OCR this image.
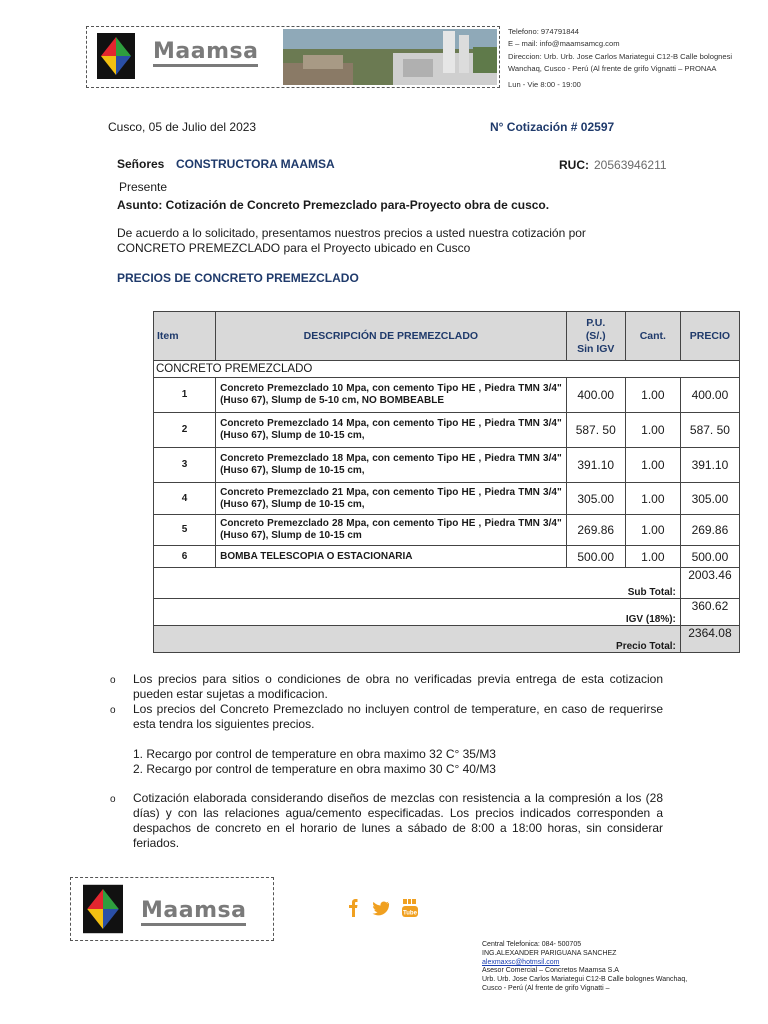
Maamsa
Telefono: 974791844
E – mail: info@maamsamcg.com
Direccion: Urb. Urb. Jose Carlos Mariategui C12-B Calle bolognesi
Wanchaq, Cusco - Perú (Al frente de grifo Vignatti – PRONAA
Lun - Vie 8:00 - 19:00
Cusco, 05 de Julio del 2023	N° Cotización # 02597
Señores CONSTRUCTORA MAAMSA	RUC: 20563946211
Presente
Asunto: Cotización de Concreto Premezclado para-Proyecto obra de cusco.
De acuerdo a lo solicitado, presentamos nuestros precios a usted nuestra cotización por
CONCRETO PREMEZCLADO para el Proyecto ubicado en Cusco
PRECIOS DE CONCRETO PREMEZCLADO
Item	DESCRIPCIÓN DE PREMEZCLADO	P.U.
(S/.)
Sin IGV	Cant.	PRECIO
CONCRETO PREMEZCLADO				
1	Concreto Premezclado 10 Mpa, con cemento Tipo HE , Piedra TMN 3/4" (Huso 67), Slump de 5-10 cm, NO BOMBEABLE	400.00	1.00	400.00
2	Concreto Premezclado 14 Mpa, con cemento Tipo HE , Piedra TMN 3/4" (Huso 67), Slump de 10-15 cm,	587. 50	1.00	587. 50
3	Concreto Premezclado 18 Mpa, con cemento Tipo HE , Piedra TMN 3/4" (Huso 67), Slump de 10-15 cm,	391.10	1.00	391.10
4	Concreto Premezclado 21 Mpa, con cemento Tipo HE , Piedra TMN 3/4" (Huso 67), Slump de 10-15 cm,	305.00	1.00	305.00
5	Concreto Premezclado 28 Mpa, con cemento Tipo HE , Piedra TMN 3/4" (Huso 67), Slump de 10-15 cm	269.86	1.00	269.86
6	BOMBA TELESCOPIA O ESTACIONARIA	500.00	1.00	500.00
Sub Total:				2003.46
IGV (18%):				360.62
Precio Total:				2364.08
o Los precios para sitios o condiciones de obra no verificadas previa entrega de esta cotizacion pueden estar sujetas a modificacion.
o Los precios del Concreto Premezclado no incluyen control de temperature, en caso de requerirse esta tendra los siguientes precios.
1. Recargo por control de temperature en obra maximo 32 C° 35/M3
2. Recargo por control de temperature en obra maximo 30 C° 40/M3
o Cotización elaborada considerando diseños de mezclas con resistencia a la compresión a los (28 días) y con las relaciones agua/cemento especificadas. Los precios indicados corresponden a despachos de concreto en el horario de lunes a sábado de 8:00 a 18:00 horas, sin considerar feriados.
Maamsa	Tube
Central Telefonica: 084- 500705
ING.ALEXANDER PARIGUANA SANCHEZ
alexmaxsc@hotmsil.com
Asesor Comercial – Concretos Maamsa S.A
Urb. Urb. Jose Carlos Mariategui C12-B Calle bolognes Wanchaq,
Cusco - Perú (Al frente de grifo Vignatti –
